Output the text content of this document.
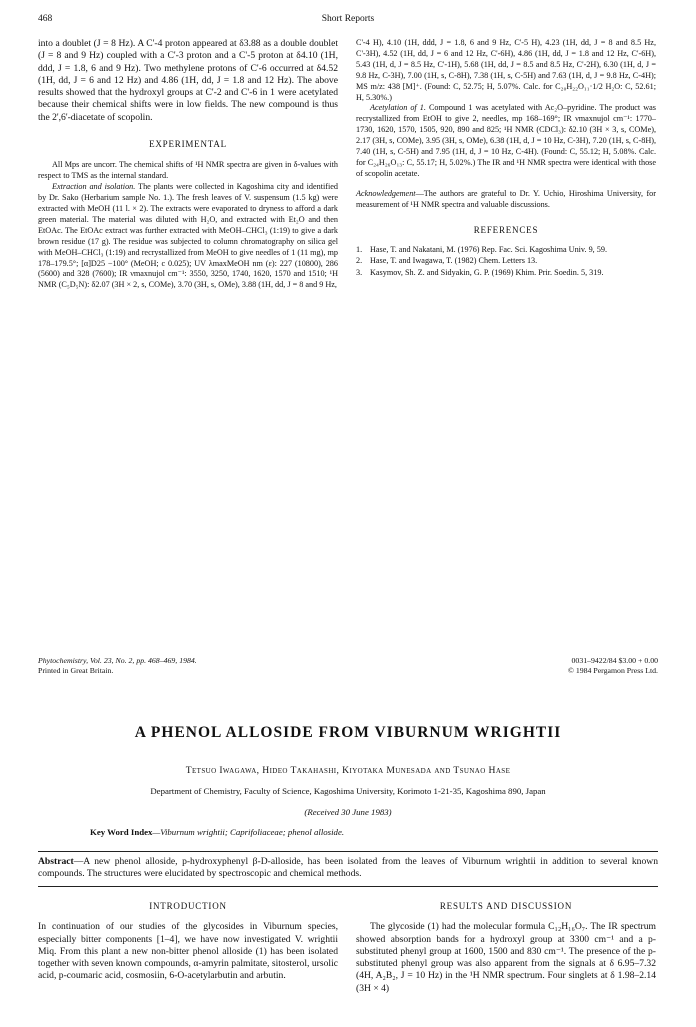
468	Short Reports

into a doublet (J = 8 Hz). A C'-4 proton appeared at δ3.88 as a double doublet (J = 8 and 9 Hz) coupled with a C'-3 proton and a C'-5 proton at δ4.10 (1H, ddd, J = 1.8, 6 and 9 Hz). Two methylene protons of C'-6 occurred at δ4.52 (1H, dd, J = 6 and 12 Hz) and 4.86 (1H, dd, J = 1.8 and 12 Hz). The above results showed that the hydroxyl groups at C'-2 and C'-6 in 1 were acetylated because their chemical shifts were in low fields. The new compound is thus the 2',6'-diacetate of scopolin.

EXPERIMENTAL

All Mps are uncorr. The chemical shifts of ¹H NMR spectra are given in δ-values with respect to TMS as the internal standard.

Extraction and isolation. The plants were collected in Kagoshima city and identified by Dr. Sako (Herbarium sample No. 1.). The fresh leaves of V. suspensum (1.5 kg) were extracted with MeOH (11 l. × 2). The extracts were evaporated to dryness to afford a dark green material. The material was diluted with H₂O, and extracted with Et₂O and then EtOAc. The EtOAc extract was further extracted with MeOH–CHCl₃ (1:19) to give a dark brown residue (17 g). The residue was subjected to column chromatography on silica gel with MeOH–CHCl₃ (1:19) and recrystallized from MeOH to give needles of 1 (11 mg), mp 178–179.5°; [α]D25 −100° (MeOH; c 0.025); UV λmaxMeOH nm (ε): 227 (10800), 286 (5600) and 328 (7600); IR νmaxnujol cm⁻¹: 3550, 3250, 1740, 1620, 1570 and 1510; ¹H NMR (C₅D₅N): δ2.07 (3H × 2, s, COMe), 3.70 (3H, s, OMe), 3.88 (1H, dd, J = 8 and 9 Hz,

C'-4 H), 4.10 (1H, ddd, J = 1.8, 6 and 9 Hz, C'-5 H), 4.23 (1H, dd, J = 8 and 8.5 Hz, C'-3H), 4.52 (1H, dd, J = 6 and 12 Hz, C'-6H), 4.86 (1H, dd, J = 1.8 and 12 Hz, C'-6H), 5.43 (1H, d, J = 8.5 Hz, C'-1H), 5.68 (1H, dd, J = 8.5 and 8.5 Hz, C'-2H), 6.30 (1H, d, J = 9.8 Hz, C-3H), 7.00 (1H, s, C-8H), 7.38 (1H, s, C-5H) and 7.63 (1H, d, J = 9.8 Hz, C-4H); MS m/z: 438 [M]⁺. (Found: C, 52.75; H, 5.07%. Calc. for C₂₀H₂₂O₁₁·1/2 H₂O: C, 52.61; H, 5.30%.)

Acetylation of 1. Compound 1 was acetylated with Ac₂O–pyridine. The product was recrystallized from EtOH to give 2, needles, mp 168–169°; IR νmaxnujol cm⁻¹: 1770–1730, 1620, 1570, 1505, 920, 890 and 825; ¹H NMR (CDCl₃): δ2.10 (3H × 3, s, COMe), 2.17 (3H, s, COMe), 3.95 (3H, s, OMe), 6.38 (1H, d, J = 10 Hz, C-3H), 7.20 (1H, s, C-8H), 7.40 (1H, s, C-5H) and 7.95 (1H, d, J = 10 Hz, C-4H). (Found: C, 55.12; H, 5.08%. Calc. for C₂₄H₂₆O₁₃: C, 55.17; H, 5.02%.) The IR and ¹H NMR spectra were identical with those of scopolin acetate.

Acknowledgement—The authors are grateful to Dr. Y. Uchio, Hiroshima University, for measurement of ¹H NMR spectra and valuable discussions.

REFERENCES
1. Hase, T. and Nakatani, M. (1976) Rep. Fac. Sci. Kagoshima Univ. 9, 59.
2. Hase, T. and Iwagawa, T. (1982) Chem. Letters 13.
3. Kasymov, Sh. Z. and Sidyakin, G. P. (1969) Khim. Prir. Soedin. 5, 319.
Phytochemistry, Vol. 23, No. 2, pp. 468–469, 1984.
Printed in Great Britain.
0031–9422/84 $3.00 + 0.00
© 1984 Pergamon Press Ltd.
A PHENOL ALLOSIDE FROM VIBURNUM WRIGHTII
Tetsuo Iwagawa, Hideo Takahashi, Kiyotaka Munesada and Tsunao Hase
Department of Chemistry, Faculty of Science, Kagoshima University, Korimoto 1-21-35, Kagoshima 890, Japan
(Received 30 June 1983)
Key Word Index—Viburnum wrightii; Caprifoliaceae; phenol alloside.
Abstract—A new phenol alloside, p-hydroxyphenyl β-D-alloside, has been isolated from the leaves of Viburnum wrightii in addition to several known compounds. The structures were elucidated by spectroscopic and chemical methods.
INTRODUCTION

In continuation of our studies of the glycosides in Viburnum species, especially bitter components [1–4], we have now investigated V. wrightii Miq. From this plant a new non-bitter phenol alloside (1) has been isolated together with seven known compounds, α-amyrin palmitate, sitosterol, ursolic acid, p-coumaric acid, cosmosiin, 6-O-acetylarbutin and arbutin.

RESULTS AND DISCUSSION

The glycoside (1) had the molecular formula C₁₂H₁₆O₇. The IR spectrum showed absorption bands for a hydroxyl group at 3300 cm⁻¹ and a p-substituted phenyl group at 1600, 1500 and 830 cm⁻¹. The presence of the p-substituted phenyl group was also apparent from the signals at δ 6.95–7.32 (4H, A₂B₂, J = 10 Hz) in the ¹H NMR spectrum. Four singlets at δ 1.98–2.14 (3H × 4)
